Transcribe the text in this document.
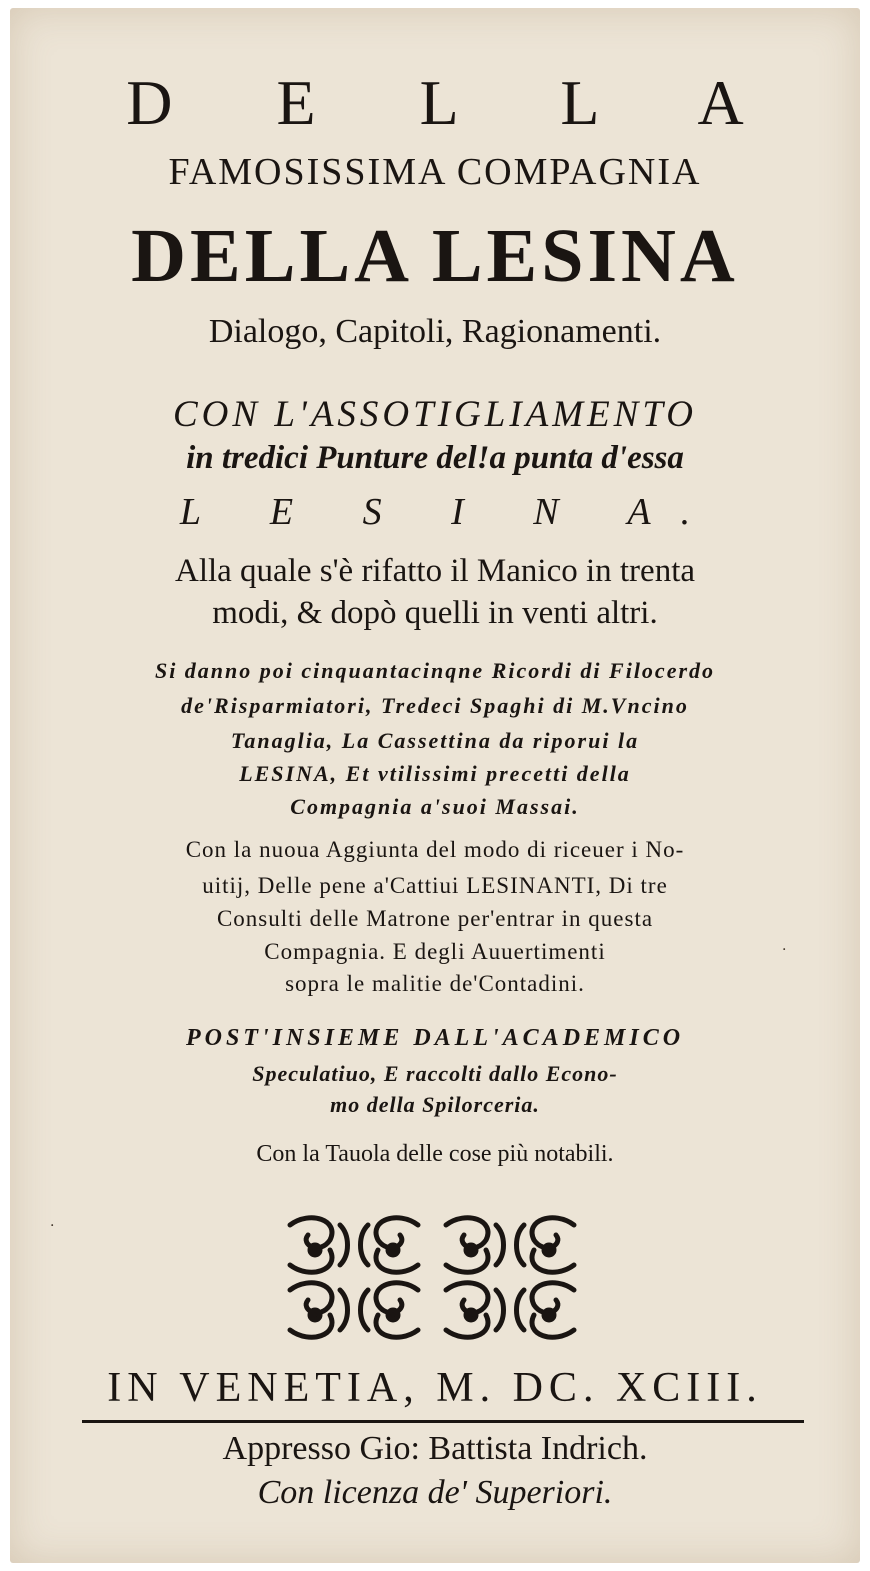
D E L L A
FAMOSISSIMA COMPAGNIA
DELLA LESINA
Dialogo, Capitoli, Ragionamenti.
CON L'ASSOTIGLIAMENTO
in tredici Punture del!a punta d'essa
L E S I N A.
Alla quale s'è rifatto il Manico in trenta
modi, & dopò quelli in venti altri.
Si danno poi cinquantacinqne Ricordi di Filocerdo
de'Risparmiatori, Tredeci Spaghi di M.Vncino
Tanaglia, La Cassettina da riporui la
LESINA, Et vtilissimi precetti della
Compagnia a'suoi Massai.
Con la nuoua Aggiunta del modo di riceuer i No-
uitij, Delle pene a'Cattiui LESINANTI, Di tre
Consulti delle Matrone per'entrar in questa
Compagnia. E degli Auuertimenti
sopra le malitie de'Contadini.
POST'INSIEME DALL'ACADEMICO
Speculatiuo, E raccolti dallo Econo-
mo della Spilorceria.
Con la Tauola delle cose più notabili.
IN VENETIA, M. DC. XCIII.
Appresso Gio: Battista Indrich.
Con licenza de' Superiori.
·
·
